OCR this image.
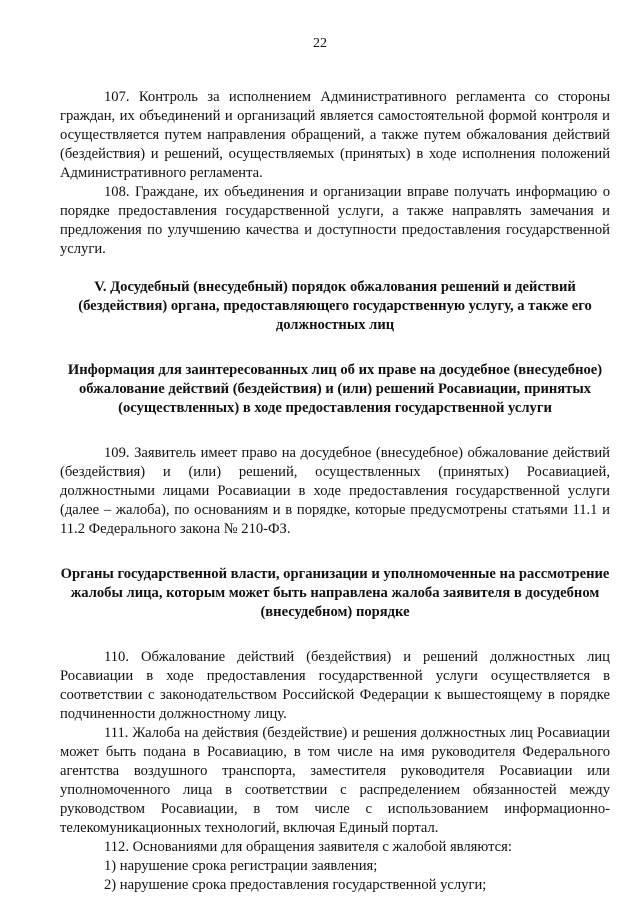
22

107. Контроль за исполнением Административного регламента со стороны граждан, их объединений и организаций является самостоятельной формой контроля и осуществляется путем направления обращений, а также путем обжалования действий (бездействия) и решений, осуществляемых (принятых) в ходе исполнения положений Административного регламента.

108. Граждане, их объединения и организации вправе получать информацию о порядке предоставления государственной услуги, а также направлять замечания и предложения по улучшению качества и доступности предоставления государственной услуги.

V. Досудебный (внесудебный) порядок обжалования решений и действий (бездействия) органа, предоставляющего государственную услугу, а также его должностных лиц
Информация для заинтересованных лиц об их праве на досудебное (внесудебное) обжалование действий (бездействия) и (или) решений Росавиации, принятых (осуществленных) в ходе предоставления государственной услуги

109. Заявитель имеет право на досудебное (внесудебное) обжалование действий (бездействия) и (или) решений, осуществленных (принятых) Росавиацией, должностными лицами Росавиации в ходе предоставления государственной услуги (далее – жалоба), по основаниям и в порядке, которые предусмотрены статьями 11.1 и 11.2 Федерального закона № 210-ФЗ.

Органы государственной власти, организации и уполномоченные на рассмотрение жалобы лица, которым может быть направлена жалоба заявителя в досудебном (внесудебном) порядке

110. Обжалование действий (бездействия) и решений должностных лиц Росавиации в ходе предоставления государственной услуги осуществляется в соответствии с законодательством Российской Федерации к вышестоящему в порядке подчиненности должностному лицу.

111. Жалоба на действия (бездействие) и решения должностных лиц Росавиации может быть подана в Росавиацию, в том числе на имя руководителя Федерального агентства воздушного транспорта, заместителя руководителя Росавиации или уполномоченного лица в соответствии с распределением обязанностей между руководством Росавиации, в том числе с использованием информационно-телекомуникационных технологий, включая Единый портал.

112. Основаниями для обращения заявителя с жалобой являются:

1) нарушение срока регистрации заявления;

2) нарушение срока предоставления государственной услуги;
